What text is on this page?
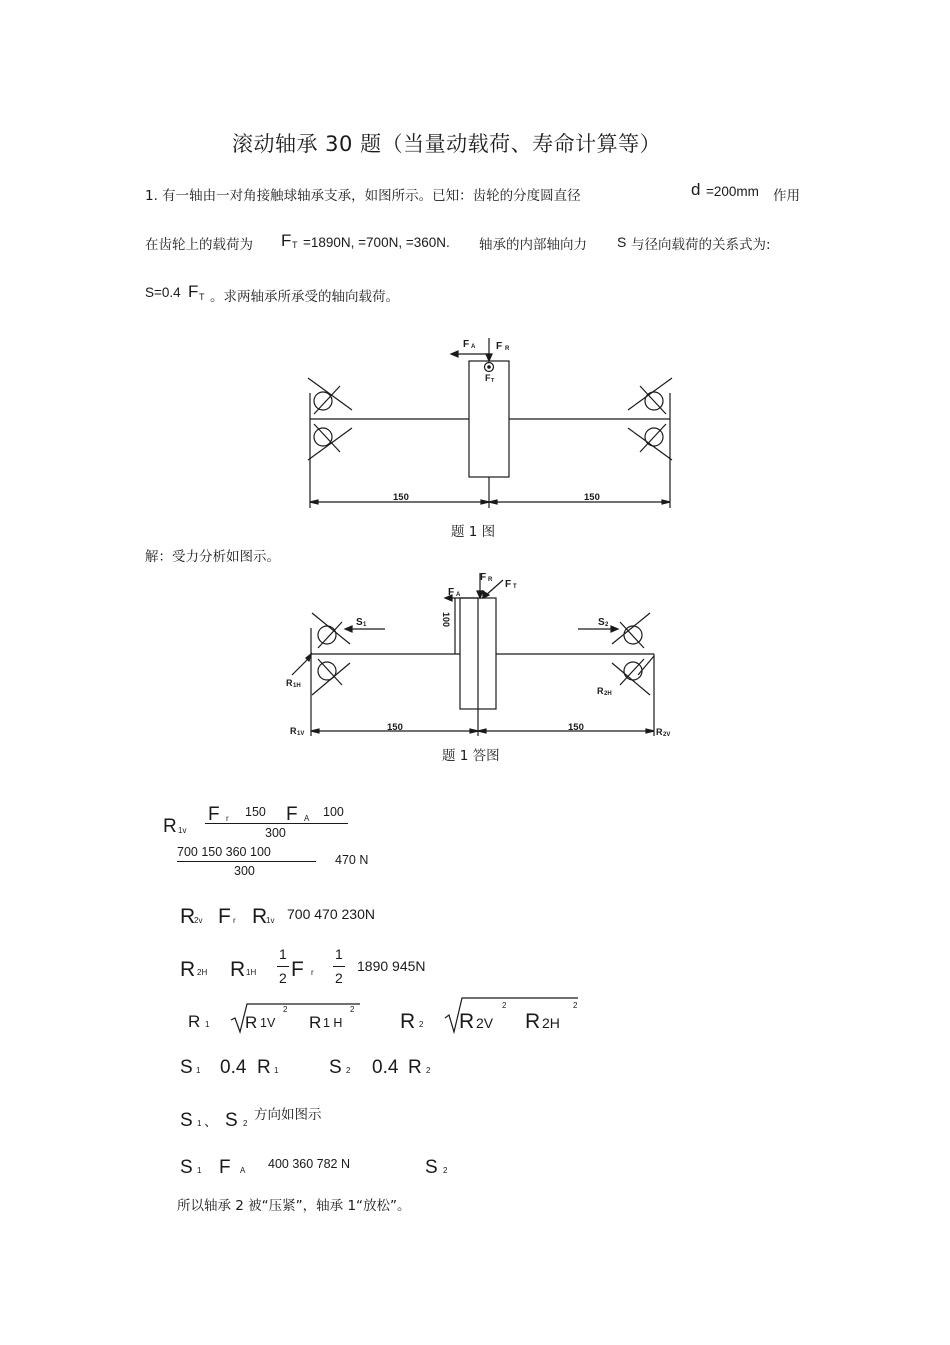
滚动轴承 30 题（当量动载荷、寿命计算等）
1. 有一轴由一对角接触球轴承支承，如图所示。已知：齿轮的分度圆直径	d =200mm 作用
在齿轮上的载荷为 F T =1890N, =700N, =360N. 轴承的内部轴向力 S 与径向载荷的关系式为:
S=0.4 F T 。求两轴承所承受的轴向载荷。
F A F R
F T
150	150
题 1 图
解：受力分析如图示。
F R F T
F A
S 1	S 2
R 1H	R 2H
R 1V	R 2V
150	150
100
题 1 答图
R 1v
F r 150 F A 100
300
700 150 360 100
300
470 N
R
2v F r R
1v 700 470 230N
R 2H R 1H
1
2 F r
1
2
1890 945N
R 1 R 1V
2
R 1 H
2
R 2 R 2V
2
R 2H
2
S 1 0.4 R 1	S 2 0.4 R 2
S 1 、 S 2
方向如图示
S 1 F A 400 360 782 N	S 2
所以轴承 2 被“压紧”，轴承 1“放松”。
